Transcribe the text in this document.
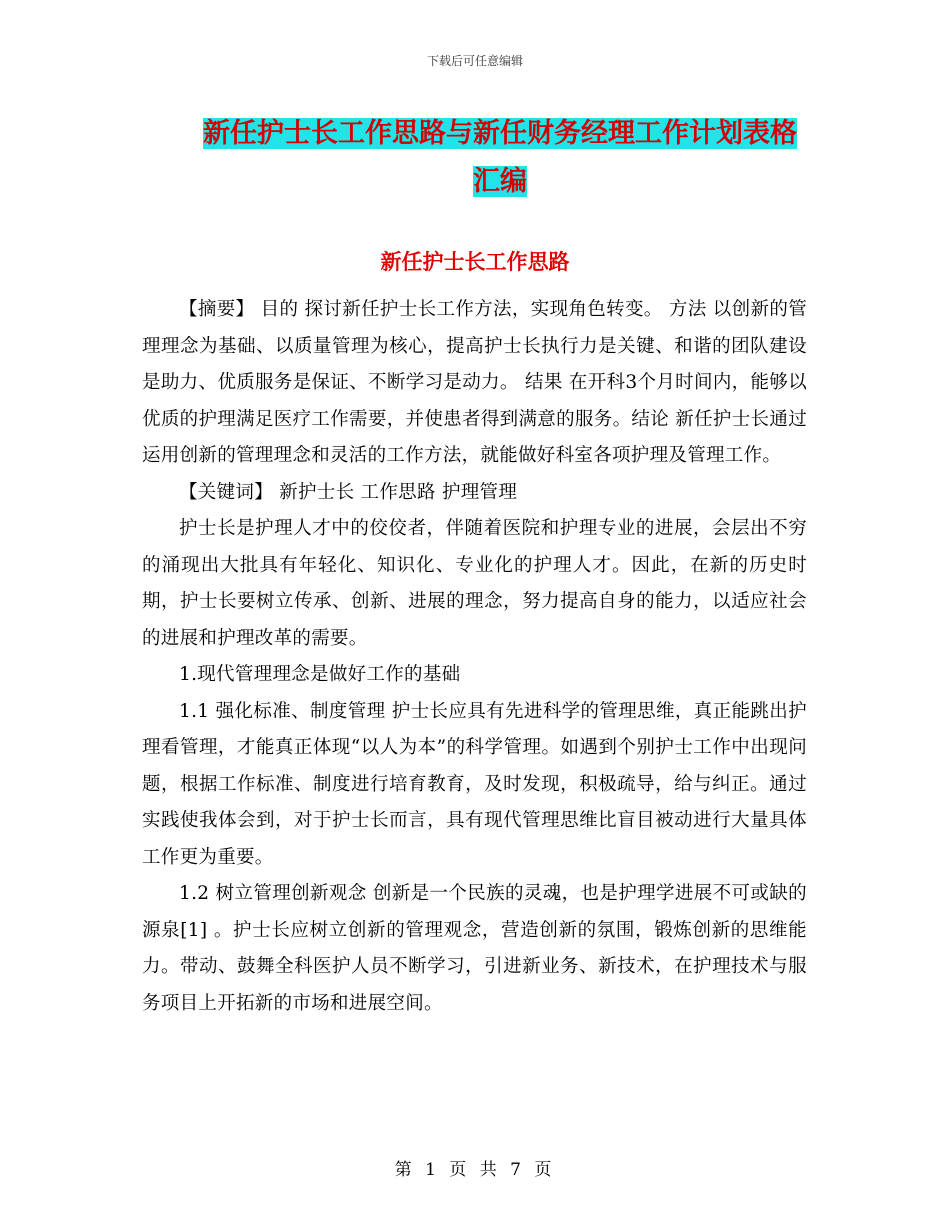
下载后可任意编辑
新任护士长工作思路与新任财务经理工作计划表格汇编
新任护士长工作思路

【摘要】 目的 探讨新任护士长工作方法，实现角色转变。 方法 以创新的管理理念为基础、以质量管理为核心，提高护士长执行力是关键、和谐的团队建设是助力、优质服务是保证、不断学习是动力。 结果 在开科3个月时间内，能够以优质的护理满足医疗工作需要，并使患者得到满意的服务。结论 新任护士长通过运用创新的管理理念和灵活的工作方法，就能做好科室各项护理及管理工作。

【关键词】 新护士长 工作思路 护理管理

护士长是护理人才中的佼佼者，伴随着医院和护理专业的进展，会层出不穷的涌现出大批具有年轻化、知识化、专业化的护理人才。因此，在新的历史时期，护士长要树立传承、创新、进展的理念，努力提高自身的能力，以适应社会的进展和护理改革的需要。

1.现代管理理念是做好工作的基础

1.1 强化标准、制度管理 护士长应具有先进科学的管理思维，真正能跳出护理看管理，才能真正体现“以人为本”的科学管理。如遇到个别护士工作中出现问题，根据工作标准、制度进行培育教育，及时发现，积极疏导，给与纠正。通过实践使我体会到，对于护士长而言，具有现代管理思维比盲目被动进行大量具体工作更为重要。

1.2 树立管理创新观念 创新是一个民族的灵魂，也是护理学进展不可或缺的源泉[1] 。护士长应树立创新的管理观念，营造创新的氛围，锻炼创新的思维能力。带动、鼓舞全科医护人员不断学习，引进新业务、新技术，在护理技术与服务项目上开拓新的市场和进展空间。

第 1 页 共 7 页
